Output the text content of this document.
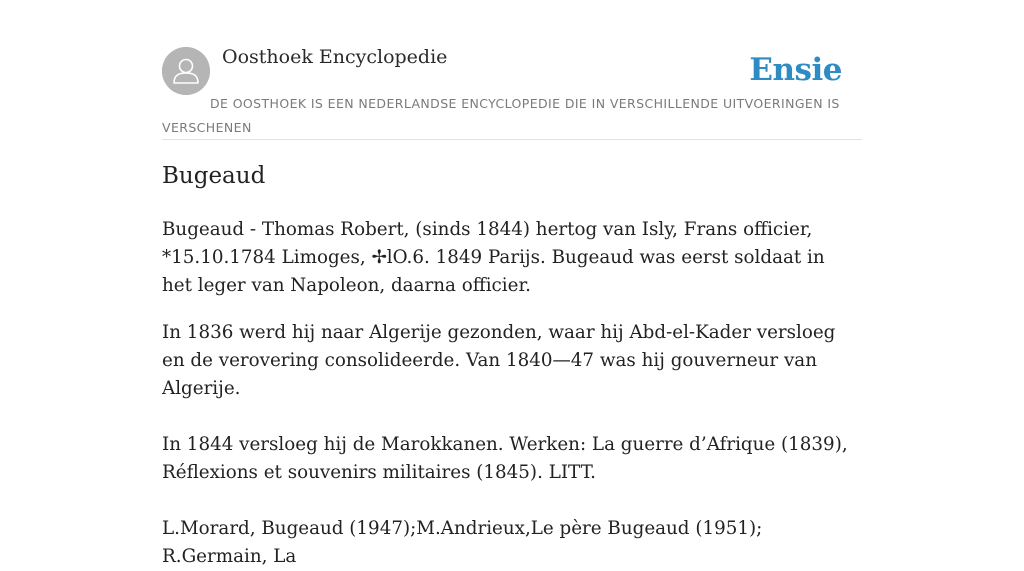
Oosthoek Encyclopedie	Ensie
DE OOSTHOEK IS EEN NEDERLANDSE ENCYCLOPEDIE DIE IN VERSCHILLENDE UITVOERINGEN IS VERSCHENEN
Bugeaud

Bugeaud - Thomas Robert, (sinds 1844) hertog van Isly, Frans officier, *15.10.1784 Limoges, ✢lO.6. 1849 Parijs. Bugeaud was eerst soldaat in het leger van Napoleon, daarna officier.

In 1836 werd hij naar Algerije gezonden, waar hij Abd-el-Kader versloeg en de verovering consolideerde. Van 1840—47 was hij gouverneur van Algerije.

In 1844 versloeg hij de Marokkanen. Werken: La guerre d’Afrique (1839), Réflexions et souvenirs militaires (1845). LITT.

L.Morard, Bugeaud (1947);M.Andrieux,Le père Bugeaud (1951); R.Germain, La
